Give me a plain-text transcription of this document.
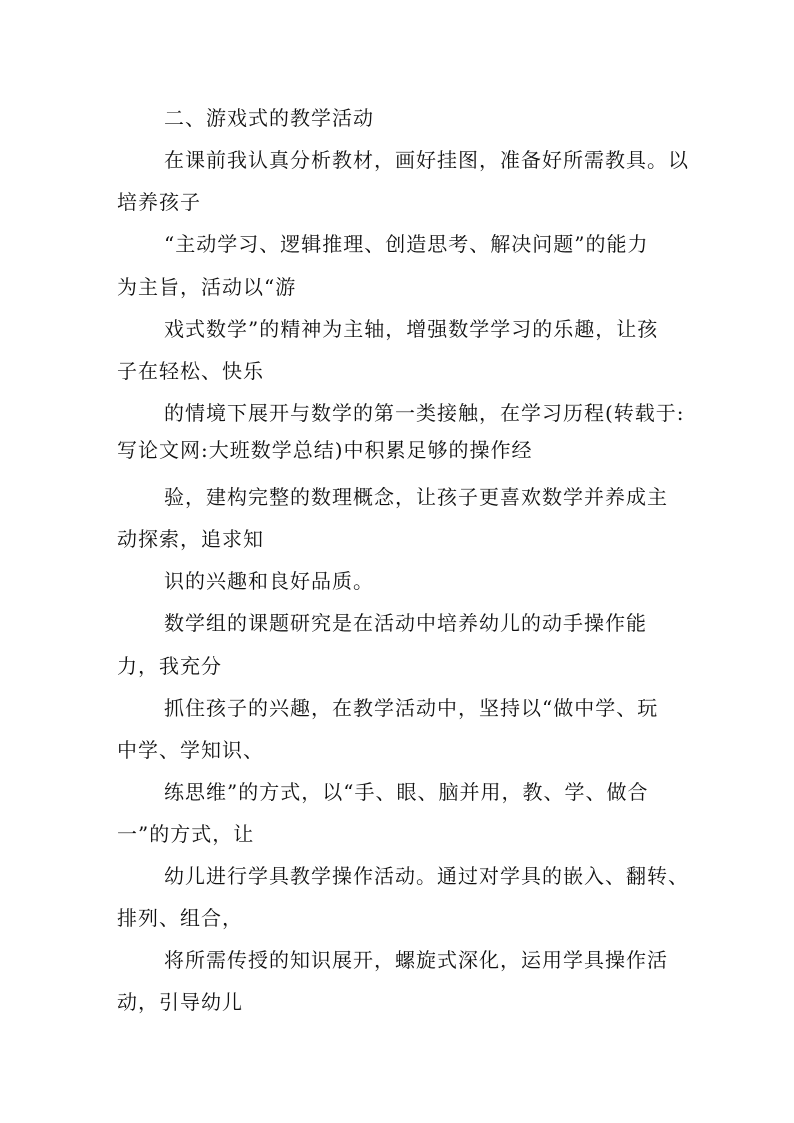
二、游戏式的教学活动
在课前我认真分析教材，画好挂图，准备好所需教具。以
培养孩子
“主动学习、逻辑推理、创造思考、解决问题”的能力
为主旨，活动以“游
戏式数学”的精神为主轴，增强数学学习的乐趣，让孩
子在轻松、快乐
的情境下展开与数学的第一类接触，在学习历程(转载于:
写论文网:大班数学总结)中积累足够的操作经
验，建构完整的数理概念，让孩子更喜欢数学并养成主
动探索，追求知
识的兴趣和良好品质。
数学组的课题研究是在活动中培养幼儿的动手操作能
力，我充分
抓住孩子的兴趣，在教学活动中，坚持以“做中学、玩
中学、学知识、
练思维”的方式，以“手、眼、脑并用，教、学、做合
一”的方式，让
幼儿进行学具教学操作活动。通过对学具的嵌入、翻转、
排列、组合，
将所需传授的知识展开，螺旋式深化，运用学具操作活
动，引导幼儿
